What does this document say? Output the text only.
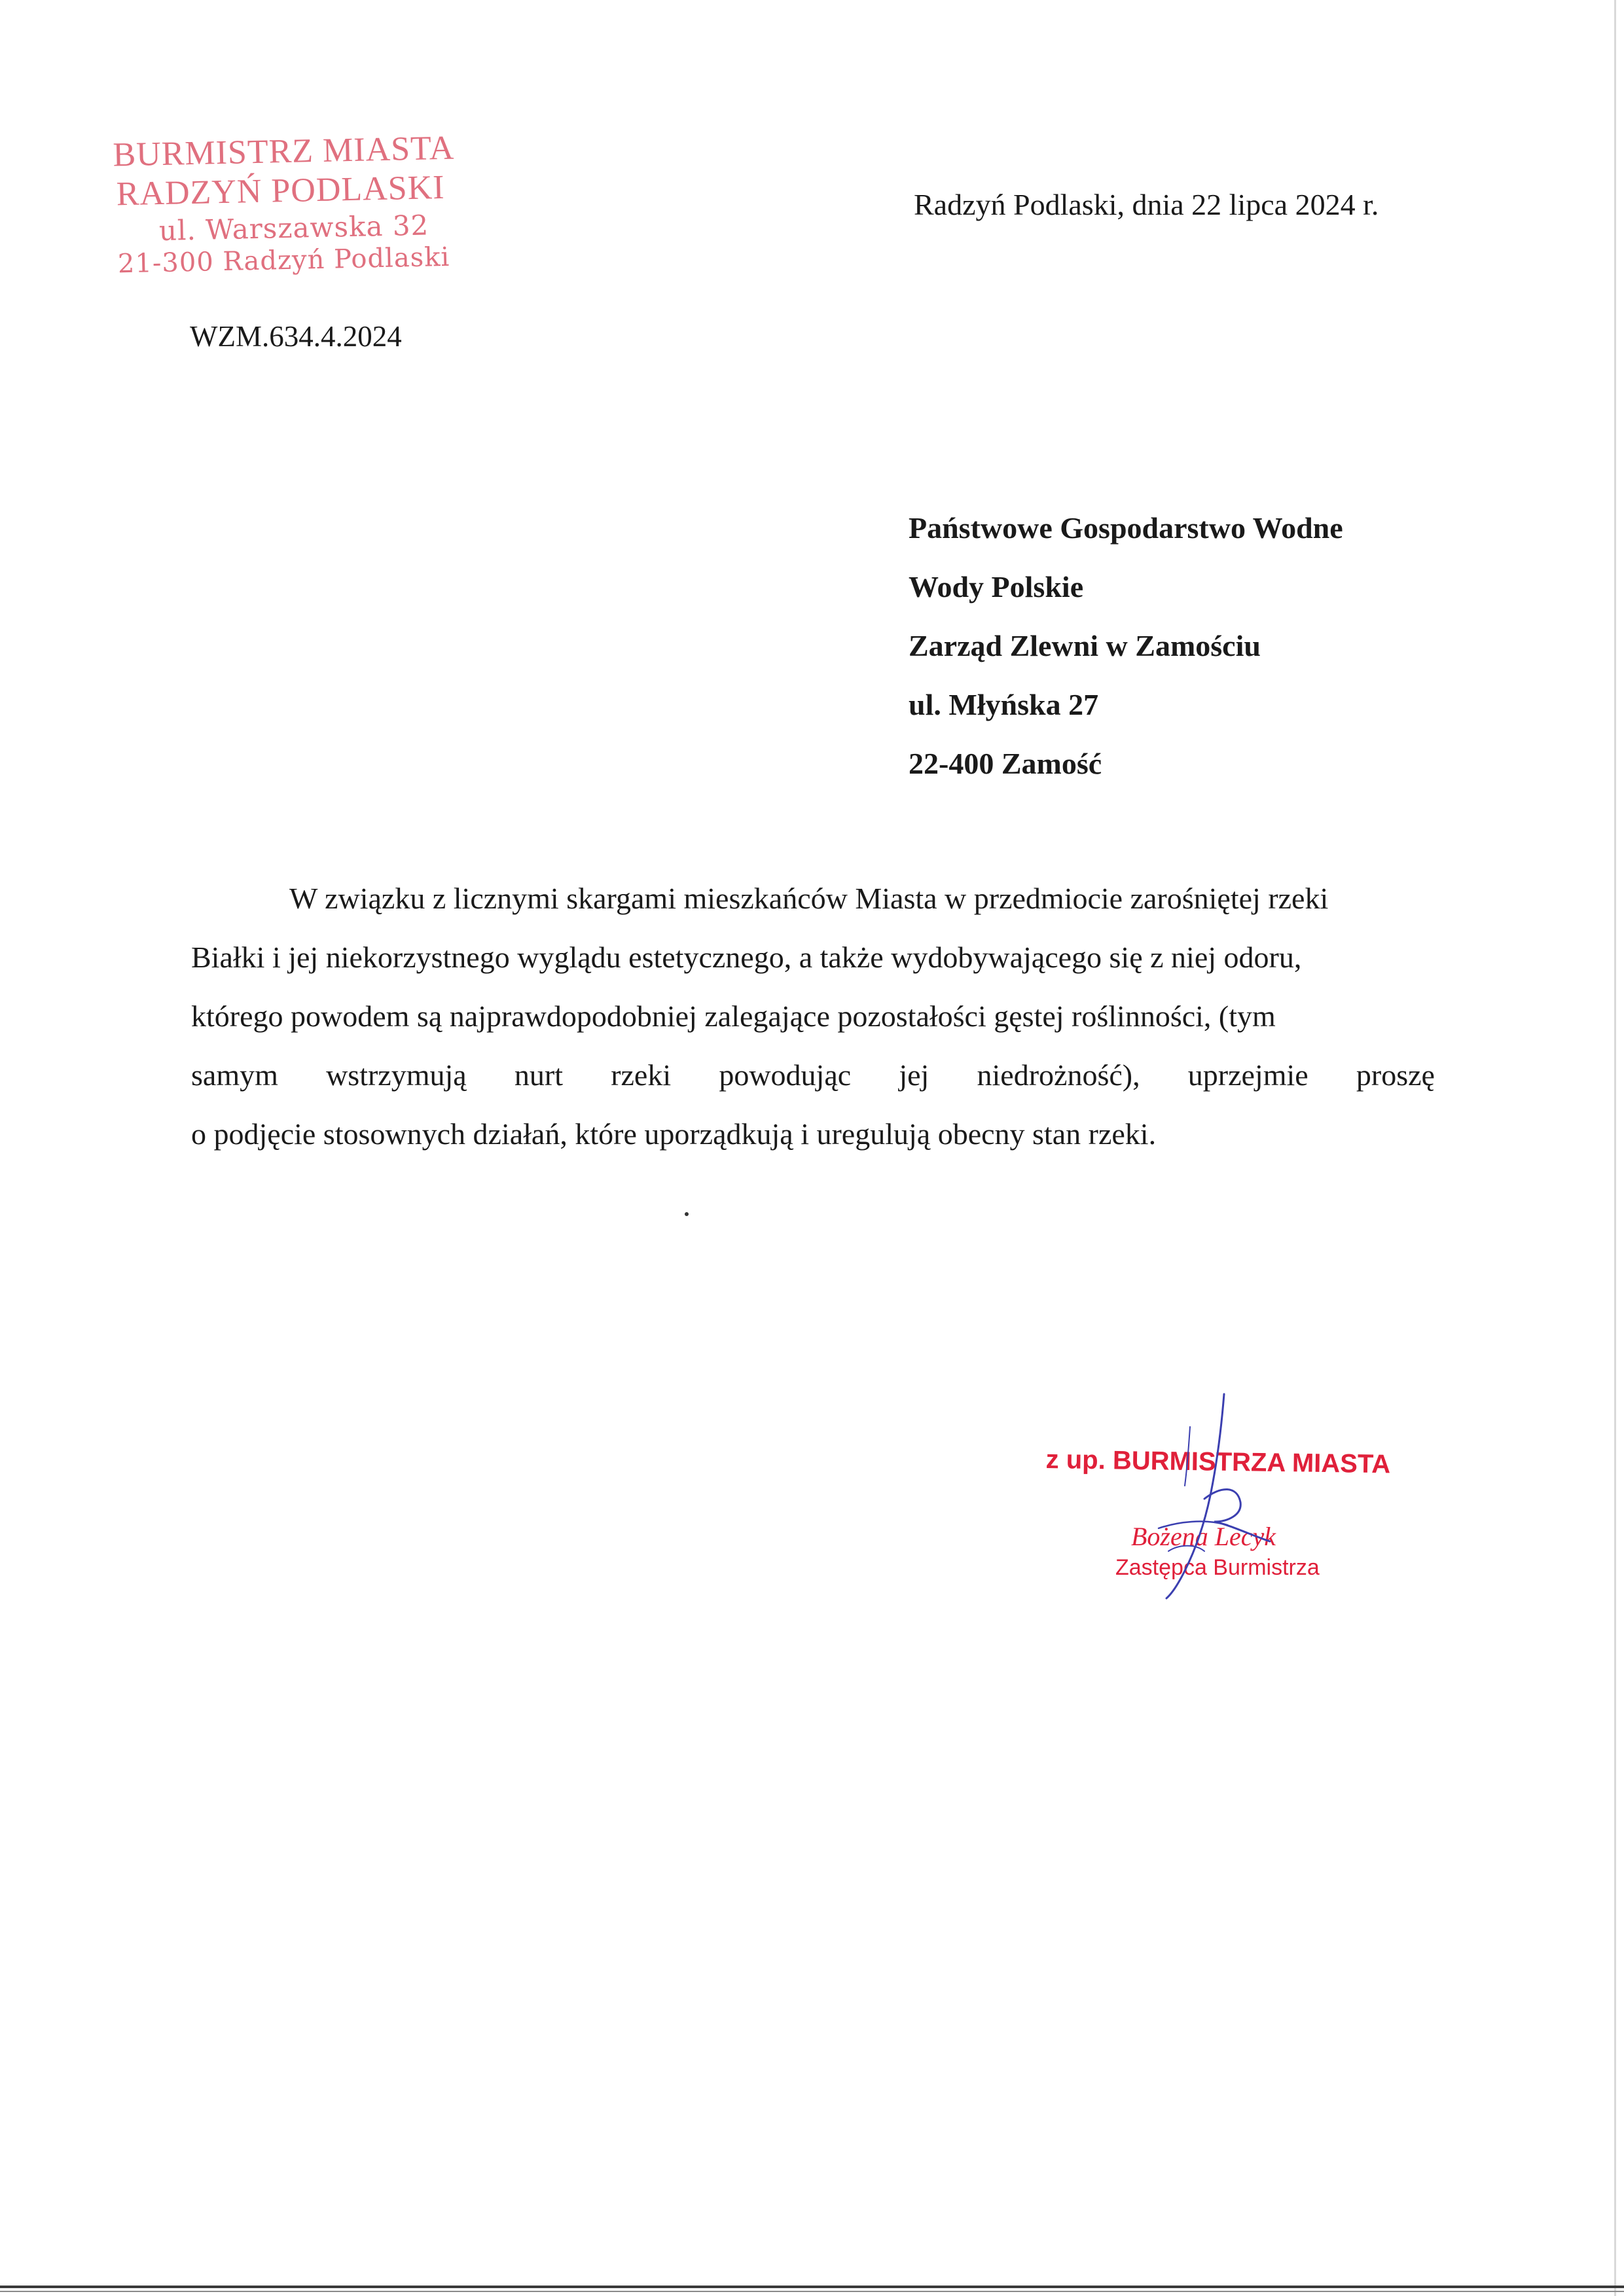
BURMISTRZ MIASTA
RADZYŃ PODLASKI
ul. Warszawska 32
21-300 Radzyń Podlaski
WZM.634.4.2024
Radzyń Podlaski, dnia 22 lipca 2024 r.
Państwowe Gospodarstwo Wodne
Wody Polskie
Zarząd Zlewni w Zamościu
ul. Młyńska 27
22-400 Zamość
W związku z licznymi skargami mieszkańców Miasta w przedmiocie zarośniętej rzeki
Białki i jej niekorzystnego wyglądu estetycznego, a także wydobywającego się z niej odoru,
którego powodem są najprawdopodobniej zalegające pozostałości gęstej roślinności, (tym
samym wstrzymują nurt rzeki powodując jej niedrożność), uprzejmie proszę
o podjęcie stosownych działań, które uporządkują i uregulują obecny stan rzeki.
z up. BURMISTRZA MIASTA
Bożena Lecyk
Zastępca Burmistrza
